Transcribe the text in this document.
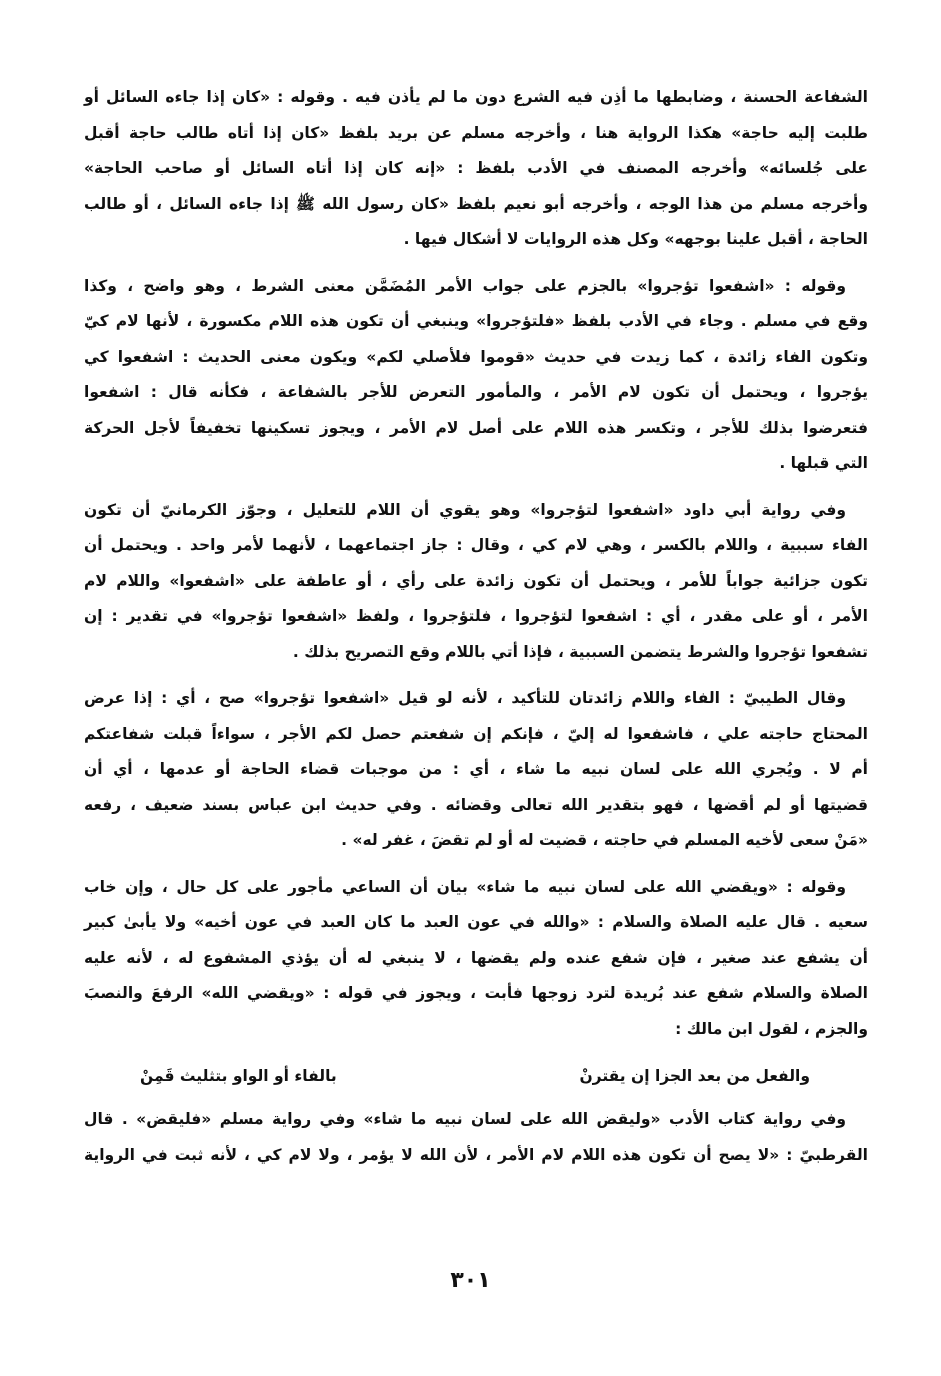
الشفاعة الحسنة ، وضابطها ما أذِن فيه الشرع دون ما لم يأذن فيه . وقوله : «كان إذا جاءه السائل أو
طلبت إليه حاجة» هكذا الرواية هنا ، وأخرجه مسلم عن بريد بلفظ «كان إذا أتاه طالب حاجة أقبل
على جُلسائه» وأخرجه المصنف في الأدب بلفظ : «إنه كان إذا أتاه السائل أو صاحب الحاجة»
وأخرجه مسلم من هذا الوجه ، وأخرجه أبو نعيم بلفظ «كان رسول الله ﷺ إذا جاءه السائل ، أو طالب
الحاجة ، أقبل علينا بوجهه» وكل هذه الروايات لا أشكال فيها .
وقوله : «اشفعوا تؤجروا» بالجزم على جواب الأمر المُضَمَّن معنى الشرط ، وهو واضح ، وكذا
وقع في مسلم . وجاء في الأدب بلفظ «فلتؤجروا» وينبغي أن تكون هذه اللام مكسورة ، لأنها لام كيّ
وتكون الفاء زائدة ، كما زيدت في حديث «قوموا فلأصلي لكم» ويكون معنى الحديث : اشفعوا كي
يؤجروا ، ويحتمل أن تكون لام الأمر ، والمأمور التعرض للأجر بالشفاعة ، فكأنه قال : اشفعوا
فتعرضوا بذلك للأجر ، وتكسر هذه اللام على أصل لام الأمر ، ويجوز تسكينها تخفيفاً لأجل الحركة
التي قبلها .
وفي رواية أبي داود «اشفعوا لتؤجروا» وهو يقوي أن اللام للتعليل ، وجوّز الكرمانيّ أن تكون
الفاء سببية ، واللام بالكسر ، وهي لام كي ، وقال : جاز اجتماعهما ، لأنهما لأمر واحد . ويحتمل أن
تكون جزائية جواباً للأمر ، ويحتمل أن تكون زائدة على رأي ، أو عاطفة على «اشفعوا» واللام لام
الأمر ، أو على مقدر ، أي : اشفعوا لتؤجروا ، فلتؤجروا ، ولفظ «اشفعوا تؤجروا» في تقدير : إن
تشفعوا تؤجروا والشرط يتضمن السببية ، فإذا أتي باللام وقع التصريح بذلك .
وقال الطيبيّ : الفاء واللام زائدتان للتأكيد ، لأنه لو قيل «اشفعوا تؤجروا» صح ، أي : إذا عرض
المحتاج حاجته علي ، فاشفعوا له إليّ ، فإنكم إن شفعتم حصل لكم الأجر ، سواءاً قبلت شفاعتكم
أم لا . ويُجري الله على لسان نبيه ما شاء ، أي : من موجبات قضاء الحاجة أو عدمها ، أي أن
قضيتها أو لم أقضها ، فهو بتقدير الله تعالى وقضائه . وفي حديث ابن عباس بسند ضعيف ، رفعه
«مَنْ سعى لأخيه المسلم في حاجته ، قضيت له أو لم تقضَ ، غفر له» .
وقوله : «ويقضي الله على لسان نبيه ما شاء» بيان أن الساعي مأجور على كل حال ، وإن خاب
سعيه . قال عليه الصلاة والسلام : «والله في عون العبد ما كان العبد في عون أخيه» ولا يأبىٰ كبير
أن يشفع عند صغير ، فإن شفع عنده ولم يقضها ، لا ينبغي له أن يؤذي المشفوع له ، لأنه عليه
الصلاة والسلام شفع عند بُريدة لترد زوجها فأبت ، ويجوز في قوله : «ويقضي الله» الرفعَ والنصبَ
والجزم ، لقول ابن مالك :
والفعل من بعد الجزا إن يقترنْ
بالفاء أو الواو بتثليث قَمِنْ
وفي رواية كتاب الأدب «وليقض الله على لسان نبيه ما شاء» وفي رواية مسلم «فليقض» . قال
القرطبيّ : «لا يصح أن تكون هذه اللام لام الأمر ، لأن الله لا يؤمر ، ولا لام كي ، لأنه ثبت في الرواية
٣٠١
